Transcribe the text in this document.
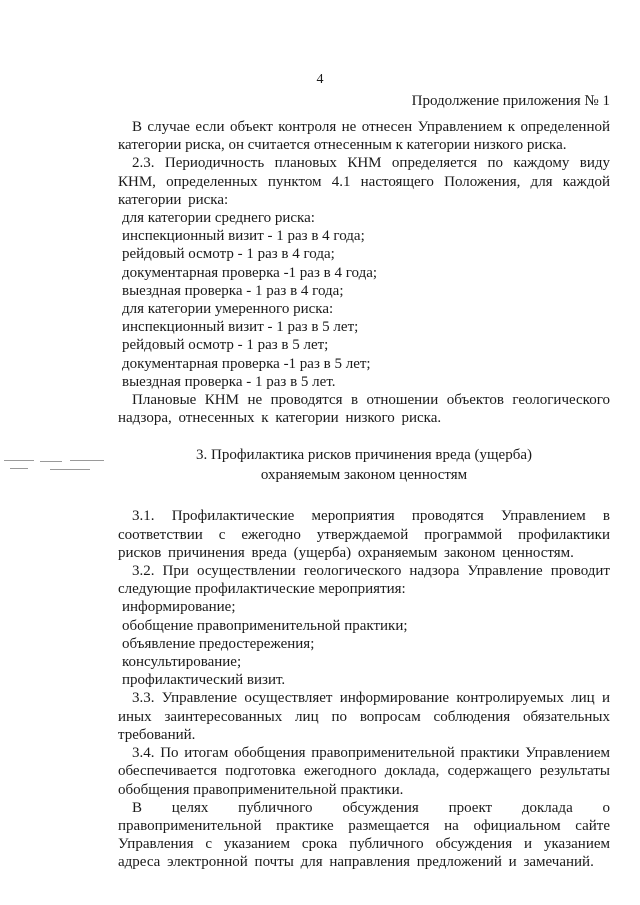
4
Продолжение приложения № 1

В случае если объект контроля не отнесен Управлением к определенной категории риска, он считается отнесенным к категории низкого риска.

2.3. Периодичность плановых КНМ определяется по каждому виду КНМ, определенных пунктом 4.1 настоящего Положения, для каждой категории риска:

для категории среднего риска:

инспекционный визит - 1 раз в 4 года;

рейдовый осмотр - 1 раз в 4 года;

документарная проверка -1 раз в 4 года;

выездная проверка - 1 раз в 4 года;

для категории умеренного риска:

инспекционный визит - 1 раз в 5 лет;

рейдовый осмотр - 1 раз в 5 лет;

документарная проверка -1 раз в 5 лет;

выездная проверка - 1 раз в 5 лет.

Плановые КНМ не проводятся в отношении объектов геологического надзора, отнесенных к категории низкого риска.

3. Профилактика рисков причинения вреда (ущерба)
охраняемым законом ценностям

3.1. Профилактические мероприятия проводятся Управлением в соответствии с ежегодно утверждаемой программой профилактики рисков причинения вреда (ущерба) охраняемым законом ценностям.

3.2. При осуществлении геологического надзора Управление проводит следующие профилактические мероприятия:

информирование;

обобщение правоприменительной практики;

объявление предостережения;

консультирование;

профилактический визит.

3.3. Управление осуществляет информирование контролируемых лиц и иных заинтересованных лиц по вопросам соблюдения обязательных требований.

3.4. По итогам обобщения правоприменительной практики Управлением обеспечивается подготовка ежегодного доклада, содержащего результаты обобщения правоприменительной практики.

В целях публичного обсуждения проект доклада о правоприменительной практике размещается на официальном сайте Управления с указанием срока публичного обсуждения и указанием адреса электронной почты для направления предложений и замечаний.
